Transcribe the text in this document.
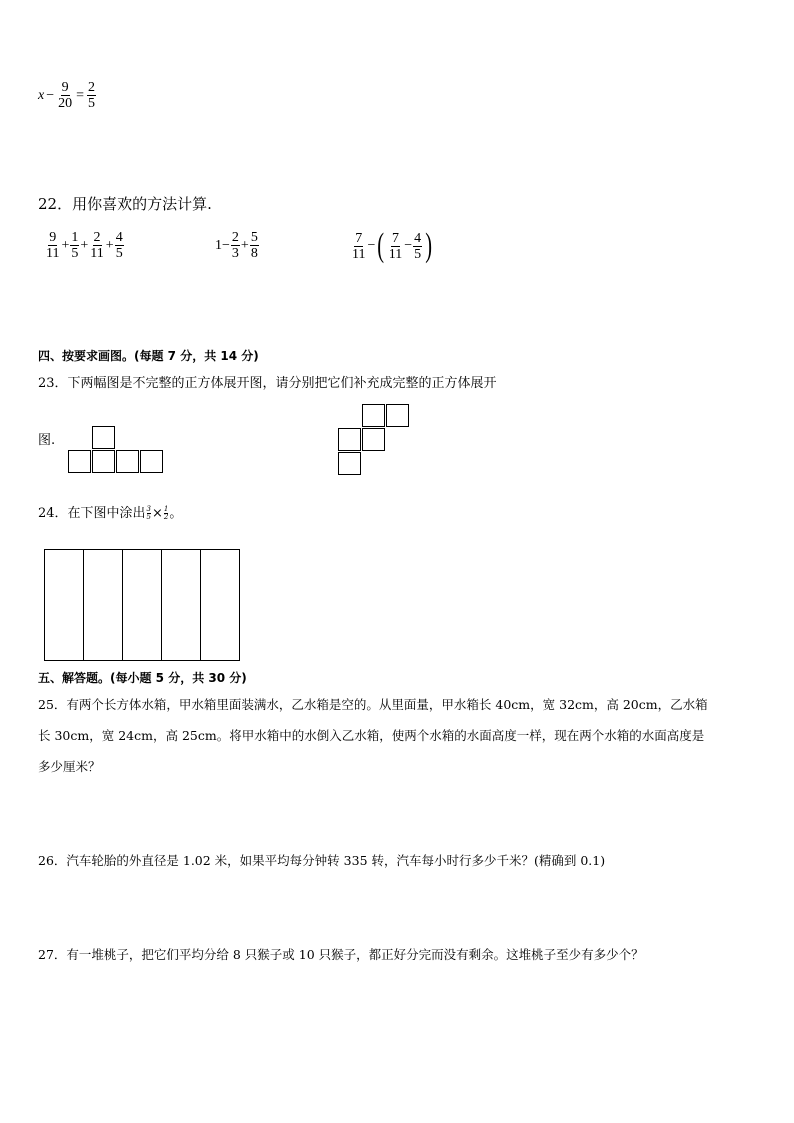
$x - \frac{9}{20} = \frac{2}{5}$
22．用你喜欢的方法计算.
$\frac{9}{11} + \frac{1}{5} + \frac{2}{11} + \frac{4}{5}$	$1 - \frac{2}{3} + \frac{5}{8}$	$\frac{7}{11}$ − ( $\frac{7}{11} - \frac{4}{5}$ )
四、按要求画图。(每题 7 分，共 14 分)
23．下两幅图是不完整的正方体展开图，请分别把它们补充成完整的正方体展开
图.
24．在下图中涂出 $\frac{3}{5} \times \frac{1}{2}$ 。
五、解答题。(每小题 5 分，共 30 分)
25．有两个长方体水箱，甲水箱里面装满水，乙水箱是空的。从里面量，甲水箱长 40cm，宽 32cm，高 20cm，乙水箱
长 30cm，宽 24cm，高 25cm。将甲水箱中的水倒入乙水箱，使两个水箱的水面高度一样，现在两个水箱的水面高度是
多少厘米？
26．汽车轮胎的外直径是 1.02 米，如果平均每分钟转 335 转，汽车每小时行多少千米？(精确到 0.1)
27．有一堆桃子，把它们平均分给 8 只猴子或 10 只猴子，都正好分完而没有剩余。这堆桃子至少有多少个？
